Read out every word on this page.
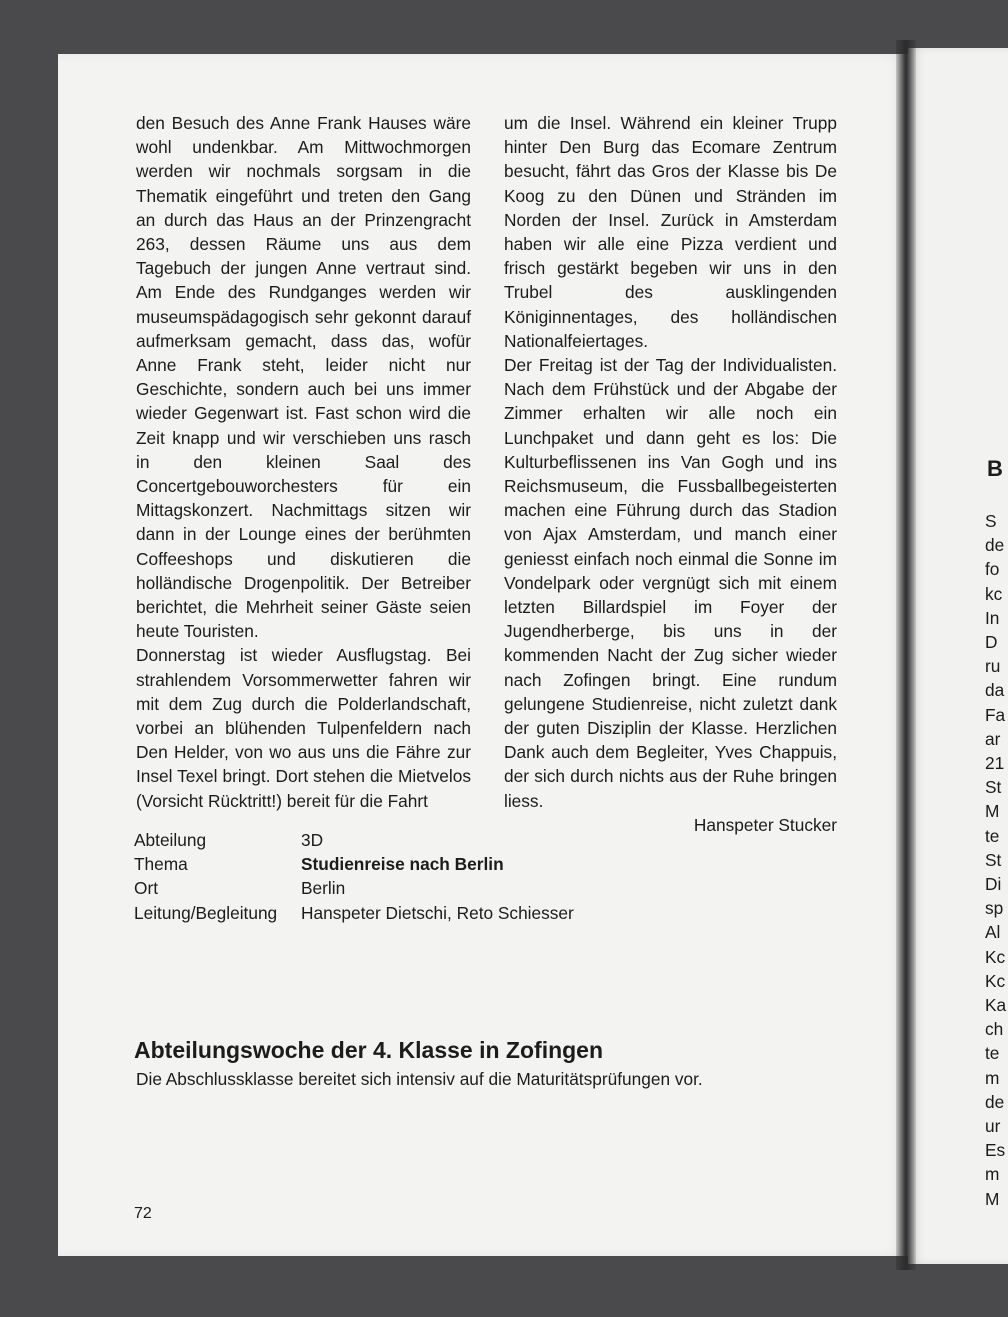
den Besuch des Anne Frank Hauses wäre wohl undenkbar. Am Mittwochmorgen werden wir nochmals sorgsam in die Thematik eingeführt und treten den Gang an durch das Haus an der Prinzengracht 263, dessen Räume uns aus dem Tagebuch der jungen Anne vertraut sind. Am Ende des Rundganges werden wir museumspädagogisch sehr gekonnt darauf aufmerksam gemacht, dass das, wofür Anne Frank steht, leider nicht nur Geschichte, sondern auch bei uns immer wieder Gegenwart ist. Fast schon wird die Zeit knapp und wir verschieben uns rasch in den kleinen Saal des Concertgebouworchesters für ein Mittagskonzert. Nachmittags sitzen wir dann in der Lounge eines der berühmten Coffeeshops und diskutieren die holländische Drogenpolitik. Der Betreiber berichtet, die Mehrheit seiner Gäste seien heute Touristen.

Donnerstag ist wieder Ausflugstag. Bei strahlendem Vorsommerwetter fahren wir mit dem Zug durch die Polderlandschaft, vorbei an blühenden Tulpenfeldern nach Den Helder, von wo aus uns die Fähre zur Insel Texel bringt. Dort stehen die Mietvelos (Vorsicht Rücktritt!) bereit für die Fahrt

um die Insel. Während ein kleiner Trupp hinter Den Burg das Ecomare Zentrum besucht, fährt das Gros der Klasse bis De Koog zu den Dünen und Stränden im Norden der Insel. Zurück in Amsterdam haben wir alle eine Pizza verdient und frisch gestärkt begeben wir uns in den Trubel des ausklingenden Königinnentages, des holländischen Nationalfeiertages.

Der Freitag ist der Tag der Individualisten. Nach dem Frühstück und der Abgabe der Zimmer erhalten wir alle noch ein Lunchpaket und dann geht es los: Die Kulturbeflissenen ins Van Gogh und ins Reichsmuseum, die Fussballbegeisterten machen eine Führung durch das Stadion von Ajax Amsterdam, und manch einer geniesst einfach noch einmal die Sonne im Vondelpark oder vergnügt sich mit einem letzten Billardspiel im Foyer der Jugendherberge, bis uns in der kommenden Nacht der Zug sicher wieder nach Zofingen bringt. Eine rundum gelungene Studienreise, nicht zuletzt dank der guten Disziplin der Klasse. Herzlichen Dank auch dem Begleiter, Yves Chappuis, der sich durch nichts aus der Ruhe bringen liess.

Hanspeter Stucker

Abteilung	3D
Thema	Studienreise nach Berlin
Ort	Berlin
Leitung/Begleitung	Hanspeter Dietschi, Reto Schiesser
Abteilungswoche der 4. Klasse in Zofingen

Die Abschlussklasse bereitet sich intensiv auf die Maturitätsprüfungen vor.

72
B
S
de
fo
kc
In
D
ru
da
Fa
ar
21
St
M
te
St
Di
sp
Al
Kc
Kc
Ka
ch
te
m
de
ur
Es
m
M
